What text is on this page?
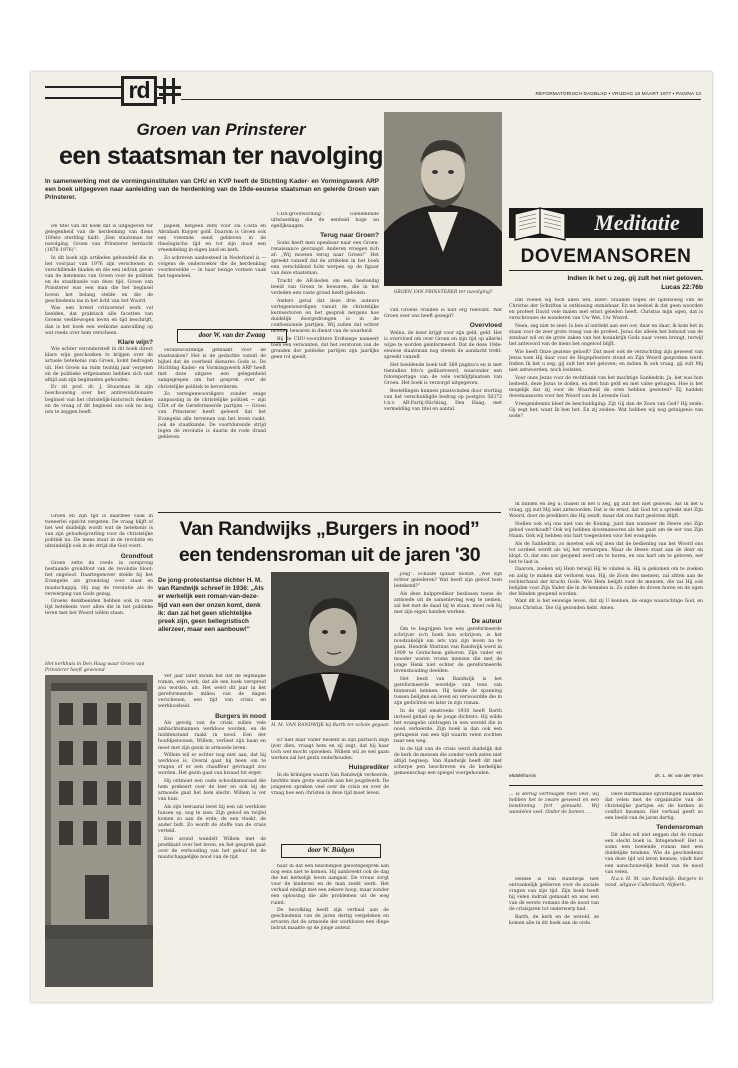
rd	REFORMATORISCH DAGBLAD ▪ VRIJDAG 18 MAART 1977 ▪ PAGINA 14
Groen van Prinsterer
een staatsman ter navolging
In samenwerking met de vormingsinstituten van CHU en KVP heeft de Stichting Kader- en Vormingswerk ARP een boek uitgegeven naar aanleiding van de herdenking van de 19de-eeuwse staatsman en gelerde Groen van Prinsterer.

De titel van dit boek dat is uitgegeven ter gelegenheid van de herdenking van diens 100ste sterfdag luidt: „Een staatsman ter navolging. Groen van Prinsterer herdacht (1876-1976)”.

In dit boek zijn artikelen gebundeld die in het voorjaar van 1976 zijn verschenen in verschillende bladen en die een indruk geven van de betekenis van Groen voor de politiek en de staatkunde van deze tijd. Groen van Prinsterer was een man die het beginsel boven het belang stelde en die de geschiedenis las in het licht van het Woord.

Was een breed criticerend werk vol beelden, dat praktisch alle facetten van Groens veelbewogen leven en tijd beschrijft, dan is het boek een welkome aanvulling op wat reeds over hem verscheen.

Klare wijn?

Wie echter veronderstelt in dit boek direct klare wijn geschonken te krijgen over de actuele betekenis van Groen, komt bedrogen uit. Het Groen na ruim twintig jaar vergeten en de politieke erfgenamen hebben zich niet altijd aan zijn beginselen gehouden.

Er zit prof. dr. J. Stuurman in zijn beschouwing over het antirevolutionaire beginsel van het christelijk-historisch denken en de vraag of dit beginsel ons ook nu nog iets te zeggen heeft.

papeld, hetgeen zelfs voor Da Costa en Abraham Kuyper gold. Daarom is Groen ook een vreemde eend gebleven in de theologische tijd en tot zijn dood een vreemdeling in eigen land en kerk.

Zo schreven aanbesteed in Nederland is — volgens de onderzoeker die de herdenking voorbereidde — in haar bezige vormen vaak het tegendeel.

door W. van der Zwaag

verantwoordelijk gemaakt voor de staatszaken? Het is de gedachte vanuit de bijbel dat de overheid dienares Gods is. De Stichting Kader- en Vormingswerk ARP heeft met deze uitgave een gelegenheid aangegrepen om het gesprek over de christelijke politiek te bevorderen.

Zo vertegenwoordigers zonder enige aanpassing in de christelijke politiek — zijn CDA of de Gereformeerde partijen — Groen van Prinsterer heeft geleerd dat het Evangelie alle terreinen van het leven raakt, ook de staatkunde. De voortdurende strijd tegen de revolutie is daarin de rode draad gebleven.

CDA-grootwording”. Toenemende uitwisseling die de eenheid hoge nu egelijksaagen.

Terug naar Groen?

Soms heeft men openbaar naar een Groen-renaissance gevraagd. Anderen vroegen zich af: „Wij moeten terug naar Groen!” Het spreekt vanzelf dat de artikelen in het boek een verschillend licht werpen op de figuur van deze staatsman.

Tracht de AR-lieden om een bestendig beeld van Groen te bewaren, die in het verleden een vaste grond heeft geboden.

Anders geval dat deze drie auteurs vertegenwoordigen vanuit de christelijke kernsectoren en het gesprek nergens hoe duidelijk doorgedrongen is in de confessionele partijen. Wij zullen dat echter moeten bewaren in dienst van de waarheid.

Bij de CHU-voorzitters Erdtsiege nameert toen een verwanten, dat het verstoren van de gronden der politieke partijen zijn jaarlijks geen rol speelt.

GROEN VAN PRINSTERER ter navolging?

van Groens vrinden is niet erg relevant. Wat Groen over ons heeft gezegd?

Overvloed

Welnu, de lezer krijgt voor zijn geld, geld. Het is overvloed om over Groen en zijn tijd op allerlei wijze te worden geinformeerd. Dat de deze 19de-eeuwse staatsman nog steeds de aandacht trekt, spreekt vanzelf.

Het beeldende boek telt 368 pagina's en is met tientallen foto's geillustreerd, waaronder een fotoreportage van de vele verblijfplaatsen van Groen. Het boek is verzorgd uitgegeven.

Bestellingen kunnen plaatsvinden door storting van het verschuldigde bedrag op postgiro 58372 t.n.v. AR-Partij-Stichting, Den Haag, met vermelding van titel en aantal.

Meditatie
DOVEMANSOREN
Indien ik het u zeg, gij zult het niet geloven.
Lucas 22:76b

Dat voelen wij toch allen wel, lezer: Staande tegen de lijdensweg van de Christus der Schriften is ontkissing onmisbaar. En nu bedoel ik dat geen woorden en profeet David vele malen met ernst geleden heeft. Christus mijn ogen, dat is verschrouwe de wonderen van Uw Wet, Uw Woord.

Neen, zeg niet te snel: Is ben al ontdekt aan een oor, daar en daar; ik kom het in staan voor de zeer grote vraag van de profeet. Jezus die alleen het behoud van de zondaar wil en de grote zaken van het koninkrijk Gods naar voren brengt, terwijl het antwoord van de mens het ongeloof blijft.

Wie heeft Onze geziene gelooft? Dat moet ook de verzuchting zijn geweest van Jezus toen Hij daar voor de Hogepriesters stond en Zijn Woord gesproken werd. Indien Ik het u zeg, gij zult het niet geloven; en indien Ik ook vraag, gij zult Mij niet antwoorden, noch loslaten.

Voor onze Jezus voor de rechtbank van het machtige Sanhedrin. Ja, het was hun bedoeld, deze Jezus te doden, en met hun geld en met valse getuigen. Hoe is het mogelijk dat zij voor de Waarheid de oren hebben gesloten? Zij hadden dovemansoren voor het Woord van de Levende God.

Vreegendennis bleef de beschuldiging: Zijt Gij dan de Zoon van God? Hij zeide: Gij zegt het, want Ik ben het. En zij zeiden: Wat hebben wij nog getuigenis van node?

Ik bidden en zeg u: Indien Ik het u zeg, gij zult het niet geloven. Als Ik het u vraag, gij zult Mij niet antwoorden. Dat is de ernst, dat God tot u spreekt met Zijn Woord, door de predikers die Hij zendt, maar dat ons hart gesloten blijft.

Stellen ook wij ons niet van de Koning, juist dan wanneer de Heere ons Zijn gebod voorhoudt? Ook wij hebben dovemansoren als het gaat om de eer van Zijn Naam. Ook wij hebben ons hart toegesloten voor het evangelie.

Als de Sanhedrin, zo moeten ook wij zien dat de bediening van het Woord ons tot oordeel wordt als wij het verwerpen. Maar de Heere staat aan de deur en klopt. O, dat ons oor geopend werd om te horen, en ons hart om te geloven, eer het te laat is.

Daarom, zoeken wij Hem terwijl Hij te vinden is. Hij is gekomen om te zoeken en zalig te maken dat verloren was. Hij, de Zoon des mensen, zal zitten aan de rechterhand der kracht Gods. Wie Hem belijdt voor de mensen, die zal Hij ook belijden voor Zijn Vader die in de hemelen is. Zo zullen de doven horen en de ogen der blinden geopend worden.

Want dit is het eeuwige leven, dat zij U kennen, de enige waarachtige God, en Jezus Christus, Die Gij gezonden hebt. Amen.

Middelharnis	ds. L. W. van der Vries
Van Randwijks „Burgers in nood”
een tendensroman uit de jaren '30

Groen en zijn tijd is daarmee vaak in tweeerlei opzicht vergeten. De vraag blijft of het wel duidelijk wordt wat de betekenis is van zijn geloofsopvatting voor de christelijke politiek nu. De mens staat in de revolutie en uiteindelijk ook in de strijd die God voert.

Grondfout

Groen zette de reeds in oorsprong bestaande grondfout van de revolutie bloot: het ongeloof. Daartegenover stelde hij het Evangelie als grondslag voor staat en maatschappij. Hij zag de revolutie als de verwerping van Gods gezag.

Groens denkbeelden hebben ook in onze tijd betekenis voor allen die in het publieke leven met het Woord willen staan.

Het kerkhuis in Den Haag waar Groen van Prinsterer heeft gewoond
De jong-protestantse dichter H. M. van Randwijk schreef in 1936: „Als er werkelijk een roman-van-deze-tijd van een der onzen komt, denk ik: dan zal het geen stichtelijke preek zijn, geen bellegristisch allerzeer, maar een aanbouw!”

Ver jaar later kwam het dat de eigenlijke roman, een werk, dat als een boek verspreid zou worden, uit. Het werd dit jaar in het gereformeerde milieu van de dagen verschenen, een tijd van crisis en werkloosheid.

Burgers in nood

Als gevolg van de crisis zullen vele ambachtsmannen werkloos worden, en de middenstand raakt in nood. Een der hoofdpersonen, Willem, verliest zijn baan en moet met zijn gezin in armoede leven.

Willem wil er echter nog niet aan, dat hij werkloos is. Overal gaat hij heen om te vragen of er een chauffeur gevraagd zou worden. Het gezin gaat van kwaad tot erger.

Hij ontmoet een oude schoolkameraad die hem prekeert over de leer en ook bij de armoede gaat het hem slecht. Willem is ver van huis.

Als zijn leeraaral leest hij een uit werkloze huisen op, nog te zien. Zijn geloof en twijfel komen zo aan de orde; de een vloekt, de ander bidt. Zo wordt de stoffe van de crisis verteld.

Een avond wandelt Willem met de predikant over het leven, en het gesprek gaat over de verhouding van het geloof tot de maatschappelijke nood van de tijd.

H. M. VAN RANDWIJK bij Barth ter schole gegaan

Er niet haar vader beslent in zijn partisch mijn ijver dien, vraagt hem en zij zegt, dat hij haar toch wel mocht opzoeken. Willem wil ze wel gaan werken zal het gezin onderhouden.

Huisprediker

In de krinngen waarin Van Randwijk verkeerde, hechtte men grote waarde aan het jeugdwerk. De jongeren spraken veel over de crisis en over de vraag hoe een christen in deze tijd moet leven.

door W. Büdgen

naar in dat een bezondiged geloofsgesprek aan nog eens niet te komen. Hij aanbreekt ook de dag die het kerkelijk leven aangaat. De vrouw zorgt voor de kinderen en de man zoekt werk. Het verhaal eindigt met een zekere hoop, maar zonder een oplossing die alle problemen uit de weg ruimt.

De bevolking heeft zijn verhaal aan de geschiedenis van de jaren dertig vergeleken en ervaren dat de armoede der werklozen een diepe indruk maakte op de jonge auteur.

jong”. Schaafe lijdaar mondt, „Wie zijn echter gelederen? Wat heeft zijn geloof toen betekend?”

Als deze hulpprediker beslissen toens de armoede uit de samenleving weg te nemen, zal het met de daad bij te staan, moet ook hij met zijn eigen handen werken.

De auteur

Om te begrijpen hoe een gereformeerde schrijver zo'n boek kon schrijven, is het noodzakelijk om iets van zijn leven na te gaan. Hendrik Marinus van Randwijk werd in 1909 te Gorinchem geboren. Zijn vader en moeder waren vrome mensen die met de jonge Henk niet echter de gereformeerde levenshouding deelden.

Het bezit van Randwijk is het gereformeerde wereldje van toen van binnenuit kennen. Hij kende de spanning tussen belijden en leven en verwoordde die in zijn gedichten en later in zijn roman.

In de tijd omstreeks 1930 heeft Barth invloed gehad op de jonge dichters. Hij wilde het evangelie uitdragen in een wereld die in nood verkeerde. Zijn boek is dan ook een getuigenis van een tijd waarin velen zochten naar een weg.

In de tijd van de crisis werd duidelijk dat de kerk de mensen die zonder werk zaten niet altijd begreep. Van Randwijk heeft dit met scherpe pen beschreven en de kerkelijke gemeenschap een spiegel voorgehouden.

… is sterug vertraagde men veel, wij hebben het te zware geweest en een bewtinning fert gemaakt. Wij wandelen veel. Onder de bomen. …

Heinse is Van Randwijk niet ontvankelijk gebleven voor de sociale vragen van zijn tijd. Zijn boek heeft bij velen indruk gemaakt en was een van de eerste romans die de nood van de crisisjaren tot onderwerp had.

Barth, de kerk en de wereld, ze komen alle in dit boek aan de orde.

Deze Barthiaanse opvattingen maakten dat velen met de organisatie van de christelijke partijen en de kerken in conflict kwamen. Het verhaal geeft zo een beeld van de jaren dertig.

Tendensroman

Dit alles wil niet zeggen dat de roman een slecht boek is. Integendeel! Het is soms een boeiende roman met een duidelijke tendens. Wie de geschiedenis van deze tijd wil leren kennen, vindt hier een aanschouwelijk beeld van de nood van velen.

N.a.v. H. M. van Randwijk: Burgers in nood, uitgave Callenbach, Nijkerk.
